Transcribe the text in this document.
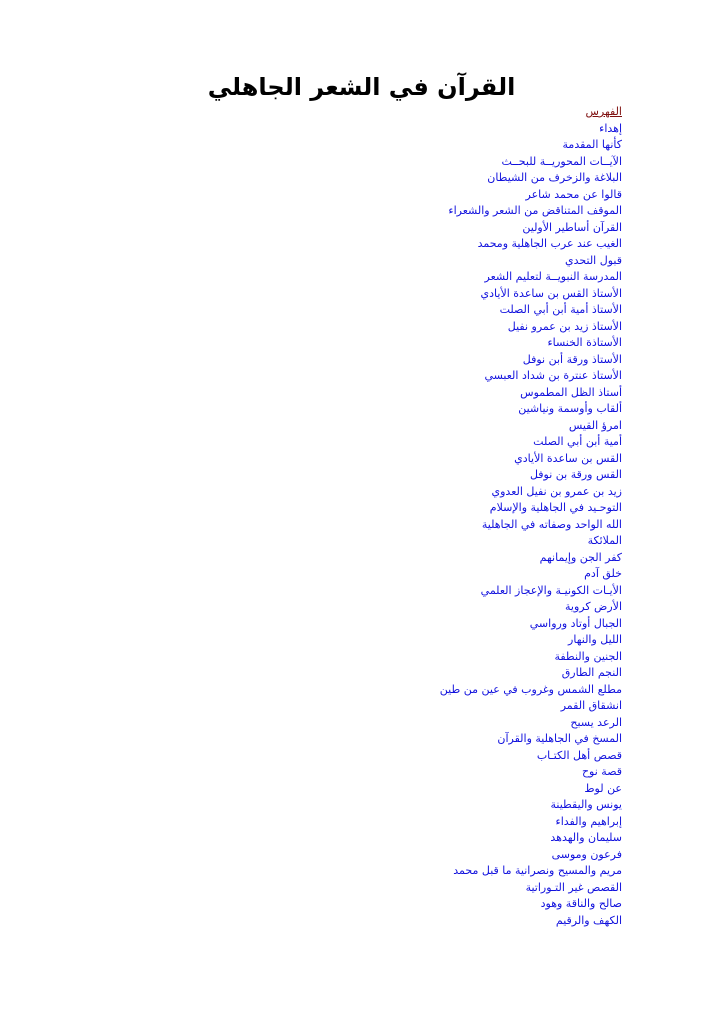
القرآن في الشعر الجاهلي
الفهرس
إهداء
كأنها المقدمة
الآيــات المحوريــة للبحــث
البلاغة والزخرف من الشيطان
قالوا عن محمد شاعر
الموقف المتناقض من الشعر والشعراء
القرآن أساطير الأولين
الغيب عند عرب الجاهلية ومحمد
قبول التحدي
المدرسة النبويــة لتعليم الشعر
الأستاذ القس بن ساعدة الأيادي
الأستاذ أمية أبن أبي الصلت
الأستاذ زيد بن عمرو نفيل
الأستاذة الخنساء
الأستاذ ورقة أبن نوفل
الأستاذ عنترة بن شداد العبسي
أستاذ الظل المطموس
ألقاب وأوسمة ونياشين
امرؤ القيس
أمية أبن أبي الصلت
القس بن ساعدة الأيادي
القس ورقة بن نوفل
زيد بن عمرو بن نفيل العدوي
التوحـيد في الجاهلية والإسلام
الله الواحد وصفاته في الجاهلية
الملائكة
كفر الجن وإيمانهم
خلق آدم
الأيـات الكونيـة والإعجاز العلمي
الأرض كروية
الجبال أوتاد ورواسي
الليل والنهار
الجنين والنطفة
النجم الطارق
مطلع الشمس وغروب في عين من طين
انشقاق القمر
الرعد يسبح
المسخ في الجاهلية والقرآن
قصص أهل الكتـاب
قصة نوح
عن لوط
يونس واليقطينة
إبراهيم والفداء
سليمان والهدهد
فرعون وموسى
مريم والمسيح ونصرانية ما قبل محمد
القصص غير التـوراتية
صالح والناقة وهود
الكهف والرقيم
